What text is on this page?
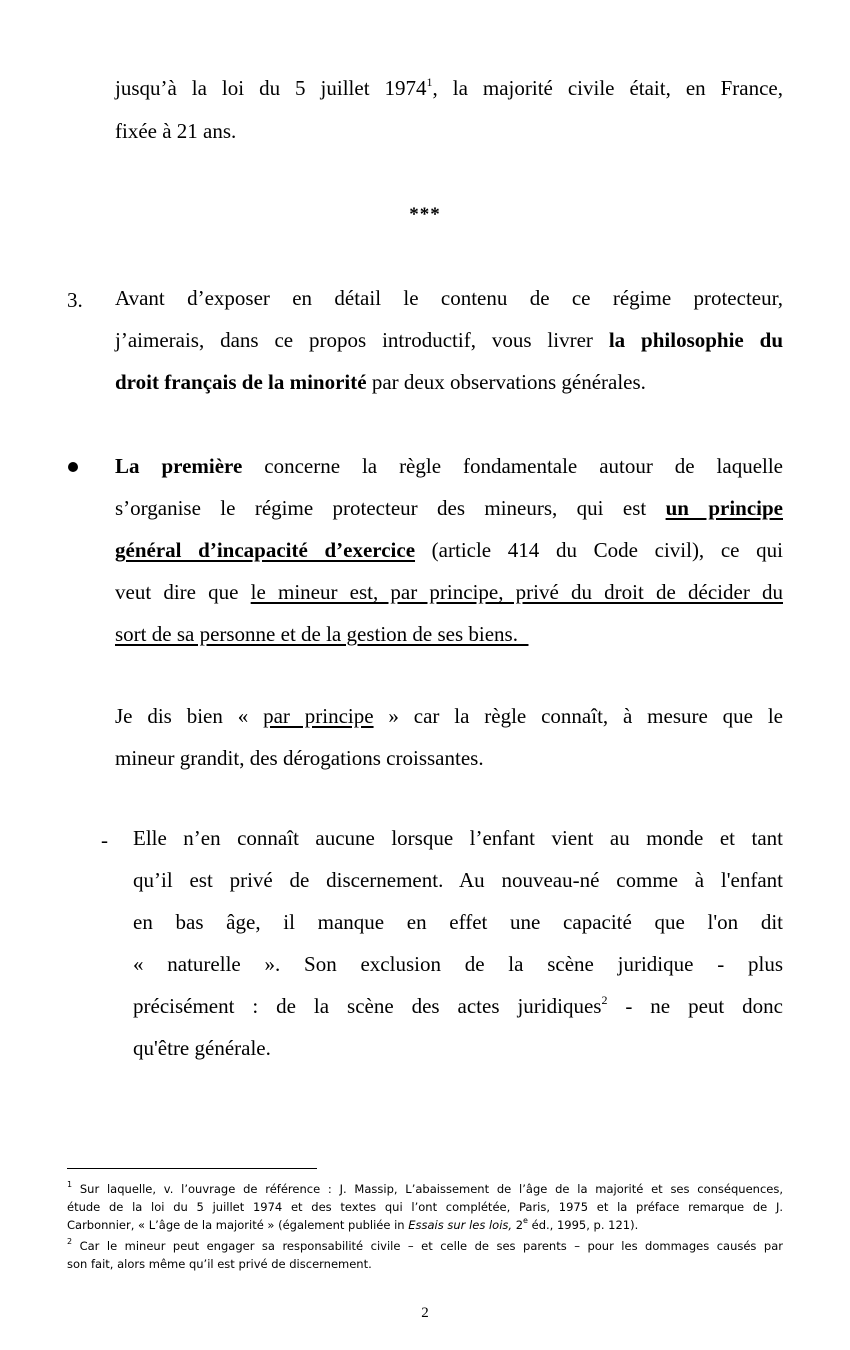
jusqu’à la loi du 5 juillet 1974$^1$, la majorité civile était, en France,
fixée à 21 ans.
***
3. Avant d’exposer en détail le contenu de ce régime protecteur,
j’aimerais, dans ce propos introductif, vous livrer la philosophie du
droit français de la minorité par deux observations générales.
La première concerne la règle fondamentale autour de laquelle
s’organise le régime protecteur des mineurs, qui est un principe
général d’incapacité d’exercice (article 414 du Code civil), ce qui
veut dire que le mineur est, par principe, privé du droit de décider du
sort de sa personne et de la gestion de ses biens.
Je dis bien « par principe » car la règle connaît, à mesure que le
mineur grandit, des dérogations croissantes.
- Elle n’en connaît aucune lorsque l’enfant vient au monde et tant
qu’il est privé de discernement. Au nouveau-né comme à l'enfant
en bas âge, il manque en effet une capacité que l'on dit
« naturelle ». Son exclusion de la scène juridique - plus
précisément : de la scène des actes juridiques$^2$ - ne peut donc
qu'être générale.
$^1$ Sur laquelle, v. l’ouvrage de référence : J. Massip, L’abaissement de l’âge de la majorité et ses conséquences,
étude de la loi du 5 juillet 1974 et des textes qui l’ont complétée, Paris, 1975 et la préface remarque de J.
Carbonnier, « L’âge de la majorité » (également publiée in Essais sur les lois, 2e éd., 1995, p. 121).
$^2$ Car le mineur peut engager sa responsabilité civile – et celle de ses parents – pour les dommages causés par
son fait, alors même qu’il est privé de discernement.
2
